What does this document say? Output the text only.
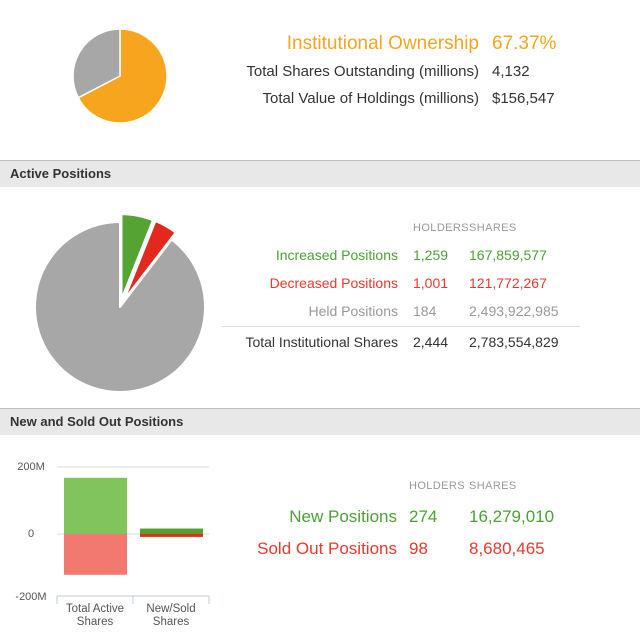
Institutional Ownership 67.37%
Total Shares Outstanding (millions) 4,132
Total Value of Holdings (millions) $156,547
Active Positions
HOLDERS SHARES
Increased Positions 1,259 167,859,577
Decreased Positions 1,001 121,772,267
Held Positions 184 2,493,922,985
Total Institutional Shares 2,444 2,783,554,829
New and Sold Out Positions
200M
0
-200M
Total Active
Shares
New/Sold
Shares
HOLDERS SHARES
New Positions 274 16,279,010
Sold Out Positions 98 8,680,465
